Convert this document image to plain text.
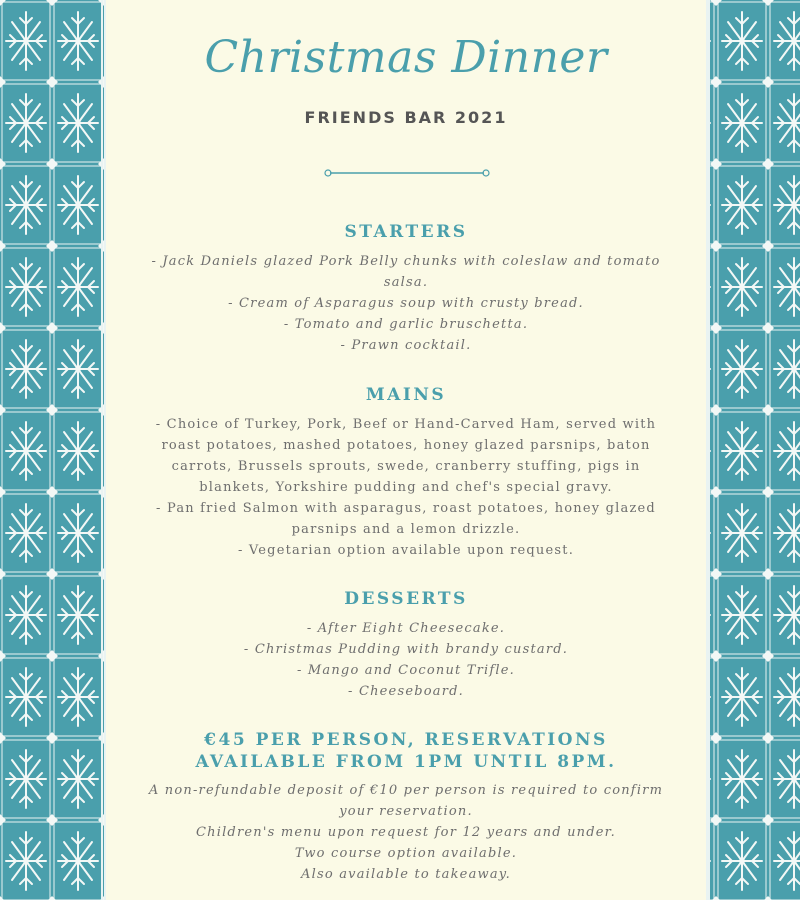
Christmas Dinner
FRIENDS BAR 2021
STARTERS
- Jack Daniels glazed Pork Belly chunks with coleslaw and tomato salsa.
- Cream of Asparagus soup with crusty bread.
- Tomato and garlic bruschetta.
- Prawn cocktail.
MAINS
- Choice of Turkey, Pork, Beef or Hand-Carved Ham, served with roast potatoes, mashed potatoes, honey glazed parsnips, baton carrots, Brussels sprouts, swede, cranberry stuffing, pigs in blankets, Yorkshire pudding and chef's special gravy.
- Pan fried Salmon with asparagus, roast potatoes, honey glazed parsnips and a lemon drizzle.
- Vegetarian option available upon request.
DESSERTS
- After Eight Cheesecake.
- Christmas Pudding with brandy custard.
- Mango and Coconut Trifle.
- Cheeseboard.
€45 PER PERSON, RESERVATIONS
AVAILABLE FROM 1PM UNTIL 8PM.
A non-refundable deposit of €10 per person is required to confirm your reservation.
Children's menu upon request for 12 years and under.
Two course option available.
Also available to takeaway.
